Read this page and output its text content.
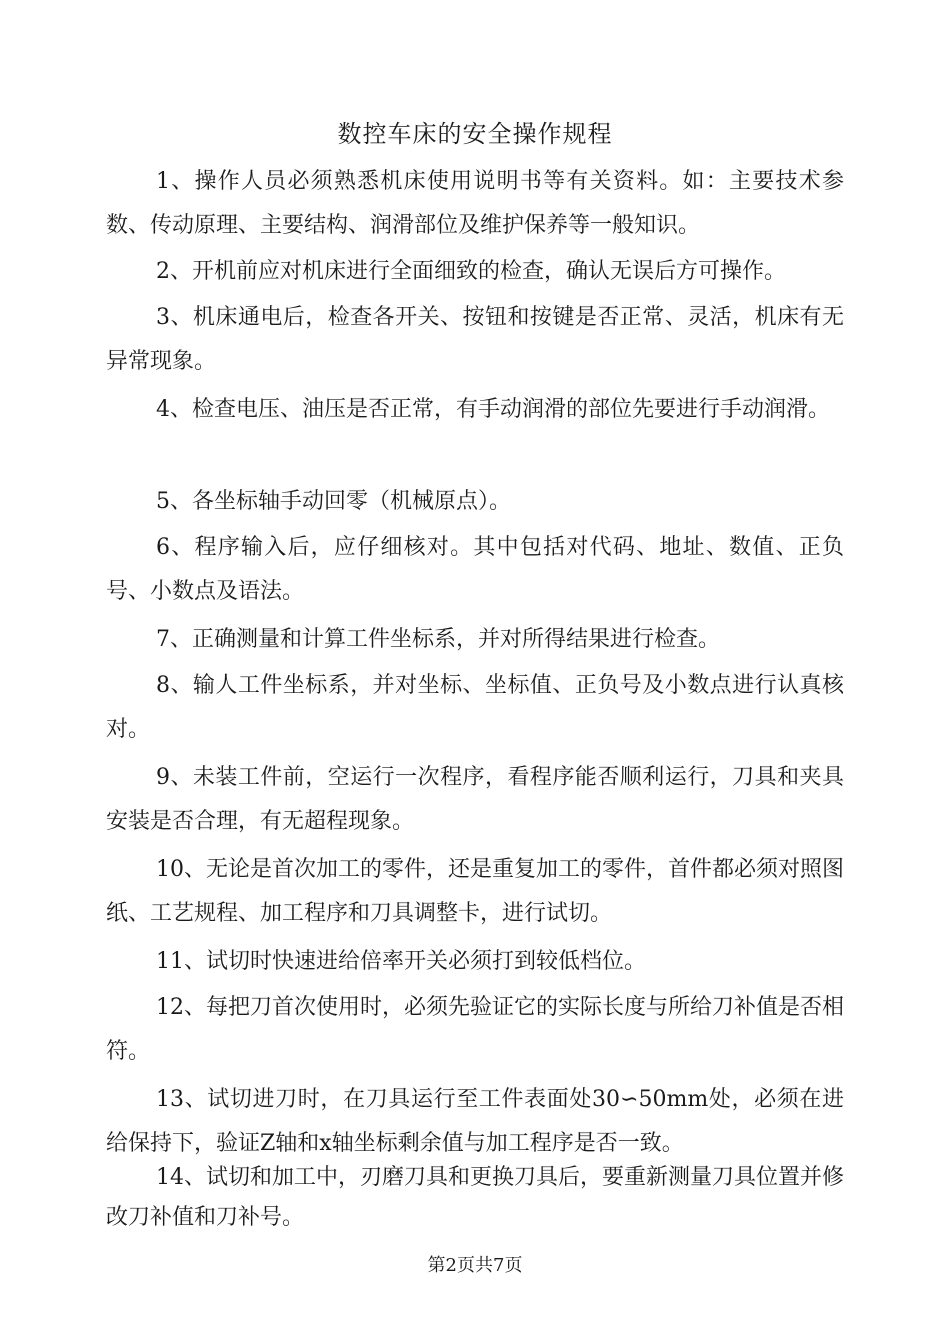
数控车床的安全操作规程

1、操作人员必须熟悉机床使用说明书等有关资料。如：主要技术参数、传动原理、主要结构、润滑部位及维护保养等一般知识。

2、开机前应对机床进行全面细致的检查，确认无误后方可操作。

3、机床通电后，检查各开关、按钮和按键是否正常、灵活，机床有无异常现象。

4、检查电压、油压是否正常，有手动润滑的部位先要进行手动润滑。

5、各坐标轴手动回零（机械原点）。

6、程序输入后，应仔细核对。其中包括对代码、地址、数值、正负号、小数点及语法。

7、正确测量和计算工件坐标系，并对所得结果进行检查。

8、输人工件坐标系，并对坐标、坐标值、正负号及小数点进行认真核对。

9、未装工件前，空运行一次程序，看程序能否顺利运行，刀具和夹具安装是否合理，有无超程现象。

10、无论是首次加工的零件，还是重复加工的零件，首件都必须对照图纸、工艺规程、加工程序和刀具调整卡，进行试切。

11、试切时快速进给倍率开关必须打到较低档位。

12、每把刀首次使用时，必须先验证它的实际长度与所给刀补值是否相符。

13、试切进刀时，在刀具运行至工件表面处30∽50mm处，必须在进给保持下，验证Z轴和x轴坐标剩余值与加工程序是否一致。

14、试切和加工中，刃磨刀具和更换刀具后，要重新测量刀具位置并修改刀补值和刀补号。

第2页共7页
